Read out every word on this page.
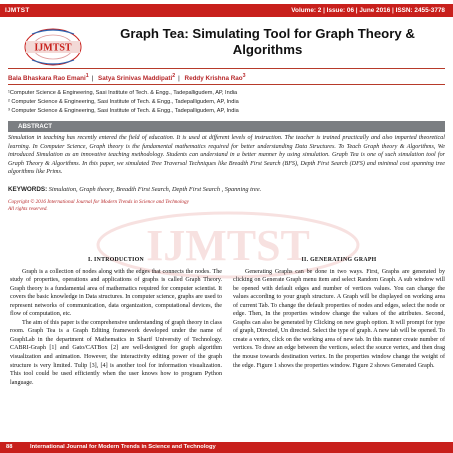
IJMTST	Volume: 2 | Issue: 06 | June 2016 | ISSN: 2455-3778
IJMTST
Graph Tea: Simulating Tool for Graph Theory & Algorithms
Bala Bhaskara Rao Emani$^1$ | Satya Srinivas Maddipati$^2$ | Reddy Krishna Rao$^3$
¹Computer Science & Engineering, Sasi Institute of Tech. & Engg., Tadepalligudem, AP, India
² Computer Science & Engineering, Sasi Institute of Tech. & Engg., Tadepalligudem, AP, India
³ Computer Science & Engineering, Sasi Institute of Tech. & Engg., Tadepalligudem, AP, India
ABSTRACT
Simulation in teaching has recently entered the field of education. It is used at different levels of instruction. The teacher is trained practically and also imparted theoretical learning. In Computer Science, Graph theory is the fundamental mathematics required for better understanding Data Structures. To Teach Graph theory & Algorithms, We introduced Simulation as an innovative teaching methodology. Students can understand in a better manner by using simulation. Graph Tea is one of such simulation tool for Graph Theory & Algorithms. In this paper, we simulated Tree Traversal Techniques like Breadth First Search (BFS), Depth First Search (DFS) and minimal cost spanning tree algorithms like Prims.
KEYWORDS: Simulation, Graph theory, Breadth First Search, Depth First Search , Spanning tree.
Copyright © 2016 International Journal for Modern Trends in Science and Technology
All rights reserved.
IJMTST
I. INTRODUCTION

Graph is a collection of nodes along with the edges that connects the nodes. The study of properties, operations and applications of graphs is called Graph Theory. Graph theory is a fundamental area of mathematics required for computer scientist. It covers the basic knowledge in Data structures. In computer science, graphs are used to represent networks of communication, data organization, computational devices, the flow of computation, etc.

The aim of this paper is the comprehensive understanding of graph theory in class room. Graph Tea is a Graph Editing framework developed under the name of GraphLab in the department of Mathematics in Sharif University of Technology. CABRI-Graph [1] and Gato/CATBox [2] are well-designed for graph algorithm visualization and animation. However, the interactivity editing power of the graph structure is very limited. Tulip [3], [4] is another tool for information visualization. This tool could be used efficiently when the user knows how to program Python language.

II. GENERATING GRAPH

Generating Graphs can be done in two ways. First, Graphs are generated by clicking on Generate Graph menu item and select Random Graph. A sub window will be opened with default edges and number of vertices values. You can change the values according to your graph structure. A Graph will be displayed on working area of current Tab. To change the default properties of nodes and edges, select the node or edge. Then, In the properties window change the values of the attributes. Second, Graphs can also be generated by Clicking on new graph option. It will prompt for type of graph, Directed, Un directed. Select the type of graph. A new tab will be opened. To create a vertex, click on the working area of new tab. In this manner create number of vertices. To draw an edge between the vertices, select the source vertex, and then drag the mouse towards destination vertex. In the properties window change the weight of the edge. Figure 1 shows the properties window. Figure 2 shows Generated Graph.

88	International Journal for Modern Trends in Science and Technology
